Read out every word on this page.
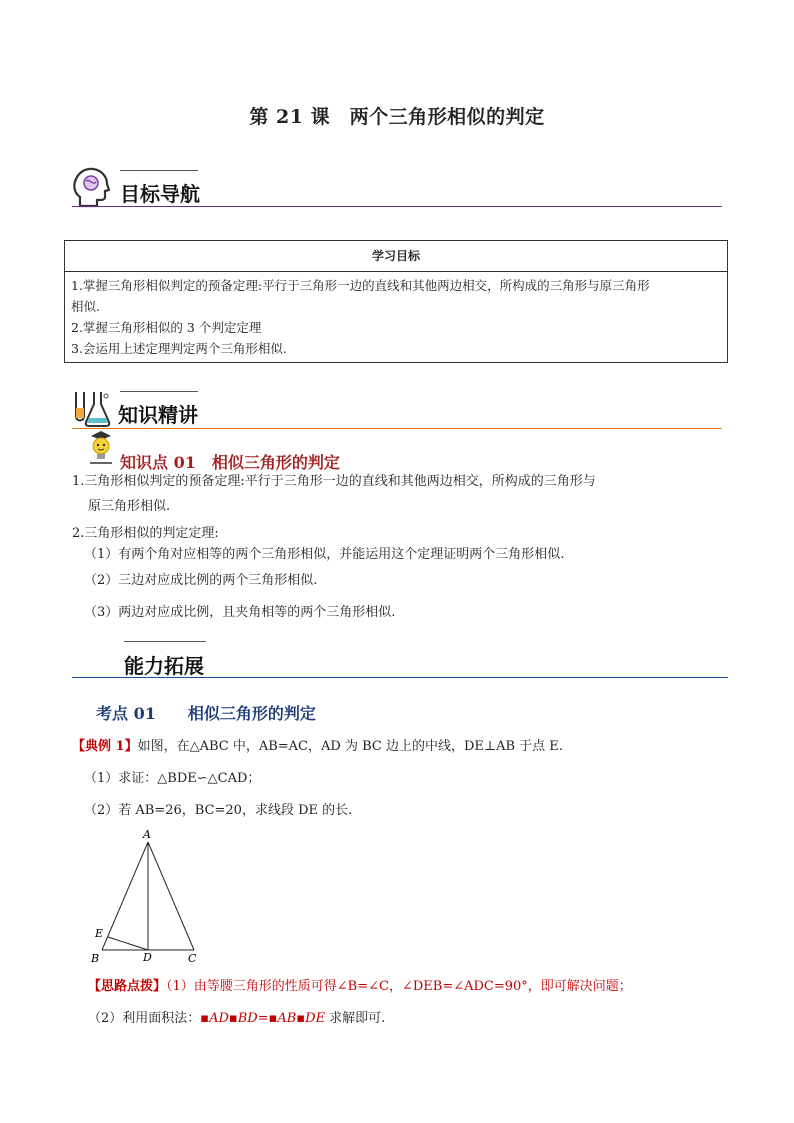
第 21 课　两个三角形相似的判定
目标导航
学习目标
1.掌握三角形相似判定的预备定理:平行于三角形一边的直线和其他两边相交，所构成的三角形与原三角形
相似.
2.掌握三角形相似的 3 个判定定理
3.会运用上述定理判定两个三角形相似.
知识精讲
知识点 01　相似三角形的判定
1.三角形相似判定的预备定理:平行于三角形一边的直线和其他两边相交，所构成的三角形与
原三角形相似.
2.三角形相似的判定定理:
（1）有两个角对应相等的两个三角形相似，并能运用这个定理证明两个三角形相似.
（2）三边对应成比例的两个三角形相似.
（3）两边对应成比例，且夹角相等的两个三角形相似.
能力拓展
考点 01　　相似三角形的判定
【典例 1】如图，在△ABC 中，AB=AC，AD 为 BC 边上的中线，DE⊥AB 于点 E.
（1）求证：△BDE∽△CAD；
（2）若 AB=26，BC=20，求线段 DE 的长.
A
E
B	D	C
【思路点拨】（1）由等腰三角形的性质可得∠B=∠C，∠DEB=∠ADC=90°，即可解决问题；
（2）利用面积法：▪AD▪BD=▪AB▪DE 求解即可.
